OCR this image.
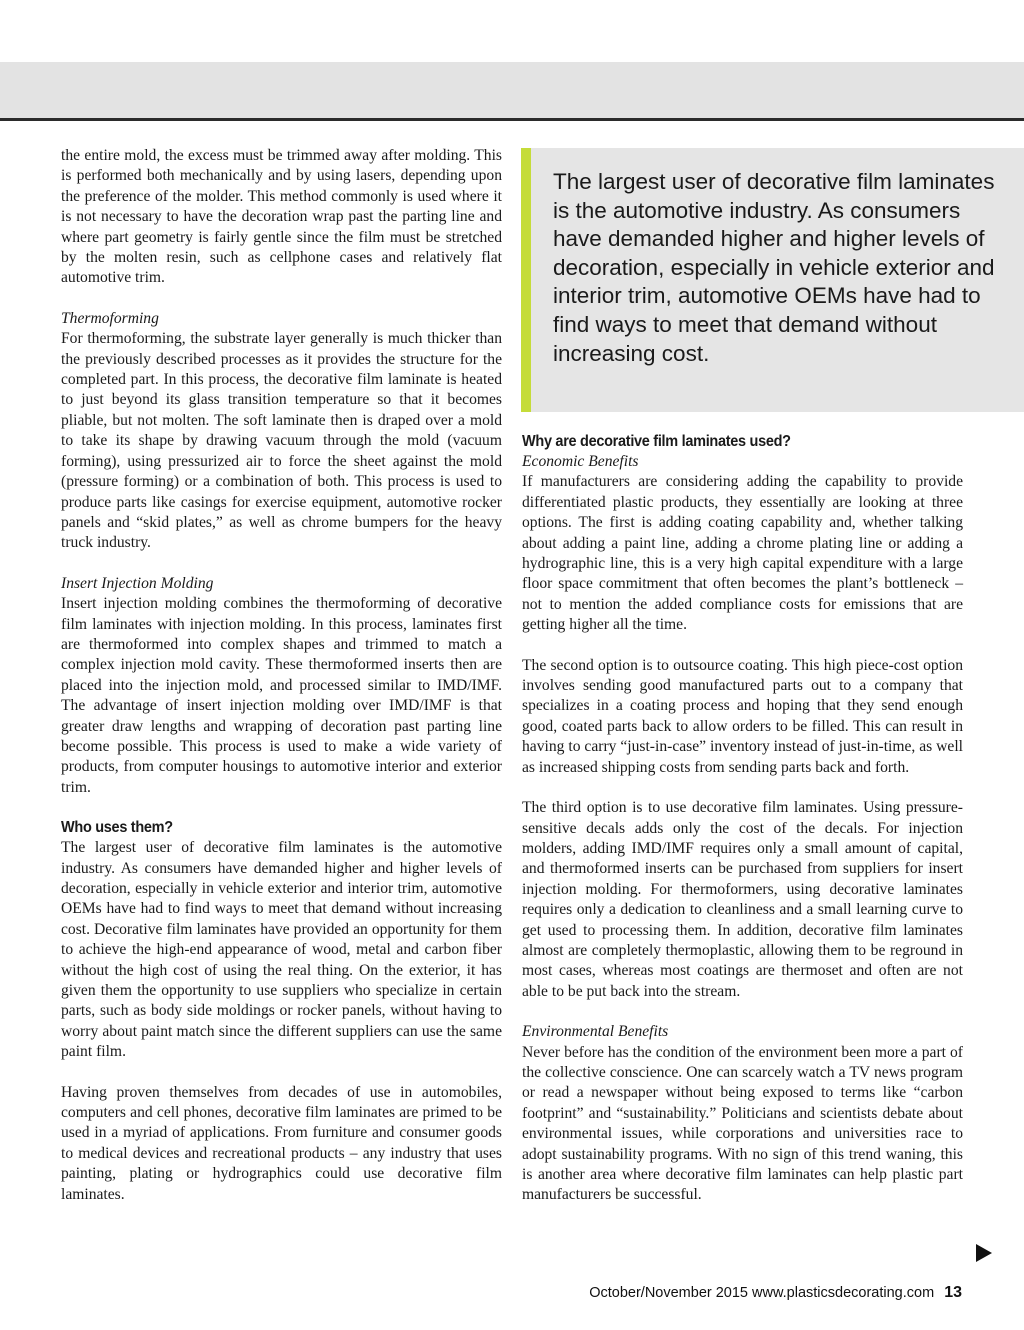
the entire mold, the excess must be trimmed away after molding. This is performed both mechanically and by using lasers, depending upon the preference of the molder. This method commonly is used where it is not necessary to have the decoration wrap past the parting line and where part geometry is fairly gentle since the film must be stretched by the molten resin, such as cellphone cases and relatively flat automotive trim.

Thermoforming
For thermoforming, the substrate layer generally is much thicker than the previously described processes as it provides the structure for the completed part. In this process, the decorative film laminate is heated to just beyond its glass transition temperature so that it becomes pliable, but not molten. The soft laminate then is draped over a mold to take its shape by drawing vacuum through the mold (vacuum forming), using pressurized air to force the sheet against the mold (pressure forming) or a combination of both. This process is used to produce parts like casings for exercise equipment, automotive rocker panels and “skid plates,” as well as chrome bumpers for the heavy truck industry.

Insert Injection Molding
Insert injection molding combines the thermoforming of decorative film laminates with injection molding. In this process, laminates first are thermoformed into complex shapes and trimmed to match a complex injection mold cavity. These thermoformed inserts then are placed into the injection mold, and processed similar to IMD/IMF. The advantage of insert injection molding over IMD/IMF is that greater draw lengths and wrapping of decoration past parting line become possible. This process is used to make a wide variety of products, from computer housings to automotive interior and exterior trim.

Who uses them?
The largest user of decorative film laminates is the automotive industry. As consumers have demanded higher and higher levels of decoration, especially in vehicle exterior and interior trim, automotive OEMs have had to find ways to meet that demand without increasing cost. Decorative film laminates have provided an opportunity for them to achieve the high-end appearance of wood, metal and carbon fiber without the high cost of using the real thing. On the exterior, it has given them the opportunity to use suppliers who specialize in certain parts, such as body side moldings or rocker panels, without having to worry about paint match since the different suppliers can use the same paint film.

Having proven themselves from decades of use in automobiles, computers and cell phones, decorative film laminates are primed to be used in a myriad of applications. From furniture and consumer goods to medical devices and recreational products – any industry that uses painting, plating or hydrographics could use decorative film laminates.

The largest user of decorative film laminates is the automotive industry. As consumers have demanded higher and higher levels of decoration, especially in vehicle exterior and interior trim, automotive OEMs have had to find ways to meet that demand without increasing cost.

Why are decorative film laminates used?
Economic Benefits
If manufacturers are considering adding the capability to provide differentiated plastic products, they essentially are looking at three options. The first is adding coating capability and, whether talking about adding a paint line, adding a chrome plating line or adding a hydrographic line, this is a very high capital expenditure with a large floor space commitment that often becomes the plant’s bottleneck – not to mention the added compliance costs for emissions that are getting higher all the time.

The second option is to outsource coating. This high piece-cost option involves sending good manufactured parts out to a company that specializes in a coating process and hoping that they send enough good, coated parts back to allow orders to be filled. This can result in having to carry “just-in-case” inventory instead of just-in-time, as well as increased shipping costs from sending parts back and forth.

The third option is to use decorative film laminates. Using pressure-sensitive decals adds only the cost of the decals. For injection molders, adding IMD/IMF requires only a small amount of capital, and thermoformed inserts can be purchased from suppliers for insert injection molding. For thermoformers, using decorative laminates requires only a dedication to cleanliness and a small learning curve to get used to processing them. In addition, decorative film laminates almost are completely thermoplastic, allowing them to be reground in most cases, whereas most coatings are thermoset and often are not able to be put back into the stream.

Environmental Benefits
Never before has the condition of the environment been more a part of the collective conscience. One can scarcely watch a TV news program or read a newspaper without being exposed to terms like “carbon footprint” and “sustainability.” Politicians and scientists debate about environmental issues, while corporations and universities race to adopt sustainability programs. With no sign of this trend waning, this is another area where decorative film laminates can help plastic part manufacturers be successful.

October/November 2015 www.plasticsdecorating.com 13
